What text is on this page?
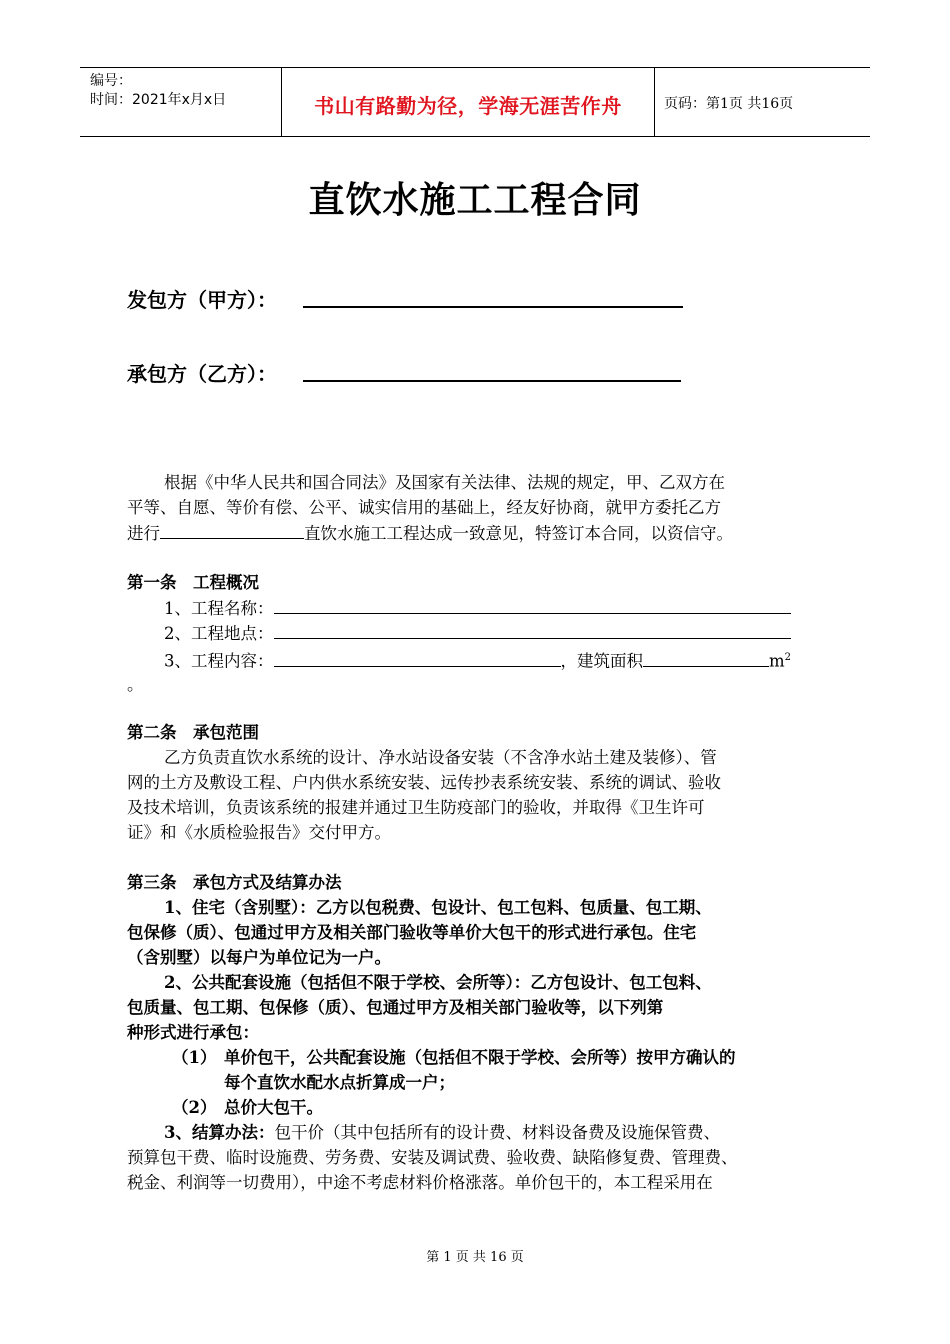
编号：
时间：2021年x月x日	书山有路勤为径，学海无涯苦作舟	页码：第1页 共16页
直饮水施工工程合同
发包方（甲方）：
承包方（乙方）：
根据《中华人民共和国合同法》及国家有关法律、法规的规定，甲、乙双方在
平等、自愿、等价有偿、公平、诚实信用的基础上，经友好协商，就甲方委托乙方
进行	直饮水施工工程达成一致意见，特签订本合同，以资信守。
第一条　工程概况
1、工程名称：
2、工程地点：
3、工程内容：	，建筑面积	$m^2$
。
第二条　承包范围
乙方负责直饮水系统的设计、净水站设备安装（不含净水站土建及装修）、管
网的土方及敷设工程、户内供水系统安装、远传抄表系统安装、系统的调试、验收
及技术培训，负责该系统的报建并通过卫生防疫部门的验收，并取得《卫生许可
证》和《水质检验报告》交付甲方。
第三条　承包方式及结算办法
1、住宅（含别墅）：乙方以包税费、包设计、包工包料、包质量、包工期、
包保修（质）、包通过甲方及相关部门验收等单价大包干的形式进行承包。住宅
（含别墅）以每户为单位记为一户。
2、公共配套设施（包括但不限于学校、会所等）：乙方包设计、包工包料、
包质量、包工期、包保修（质）、包通过甲方及相关部门验收等，以下列第
种形式进行承包：
（1） 单价包干，公共配套设施（包括但不限于学校、会所等）按甲方确认的
每个直饮水配水点折算成一户；
（2） 总价大包干。
3、结算办法：包干价（其中包括所有的设计费、材料设备费及设施保管费、
预算包干费、临时设施费、劳务费、安装及调试费、验收费、缺陷修复费、管理费、
税金、利润等一切费用），中途不考虑材料价格涨落。单价包干的，本工程采用在
第 1 页 共 16 页
